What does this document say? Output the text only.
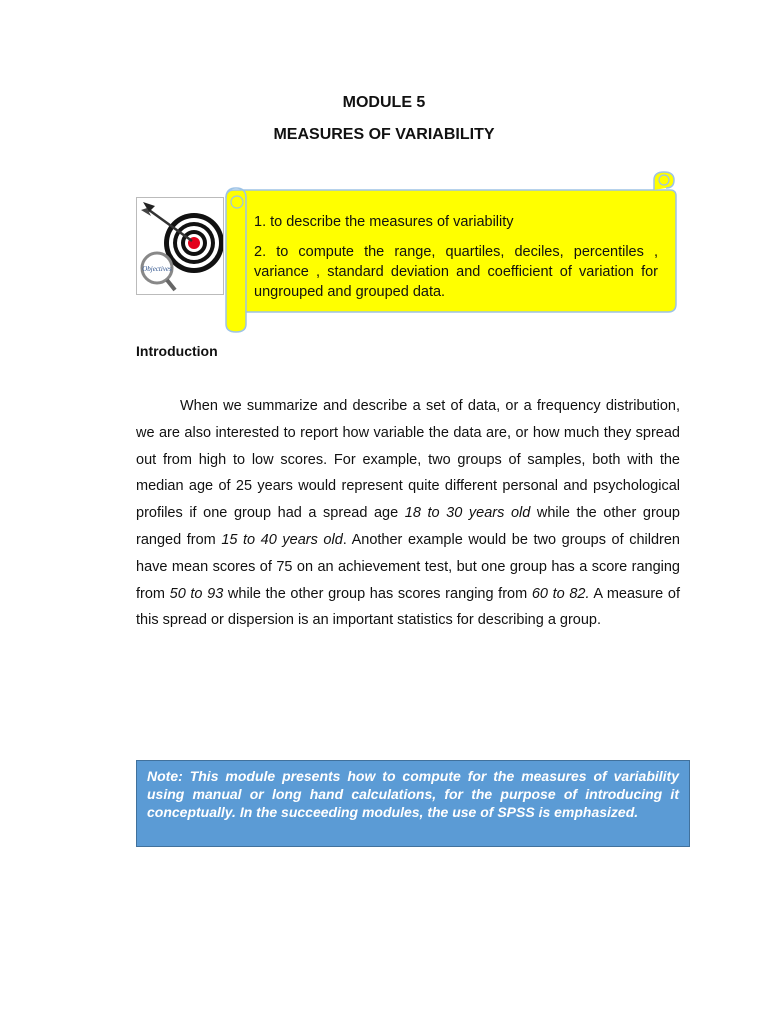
MODULE 5
MEASURES OF VARIABILITY
Objectives

1. to describe the measures of variability

2. to compute the range, quartiles, deciles, percentiles , variance , standard deviation and coefficient of variation for ungrouped and grouped data.

Introduction

When we summarize and describe a set of data, or a frequency distribution, we are also interested to report how variable the data are, or how much they spread out from high to low scores. For example, two groups of samples, both with the median age of 25 years would represent quite different personal and psychological profiles if one group had a spread age 18 to 30 years old while the other group ranged from 15 to 40 years old. Another example would be two groups of children have mean scores of 75 on an achievement test, but one group has a score ranging from 50 to 93 while the other group has scores ranging from 60 to 82. A measure of this spread or dispersion is an important statistics for describing a group.

Note: This module presents how to compute for the measures of variability using manual or long hand calculations, for the purpose of introducing it conceptually. In the succeeding modules, the use of SPSS is emphasized.
